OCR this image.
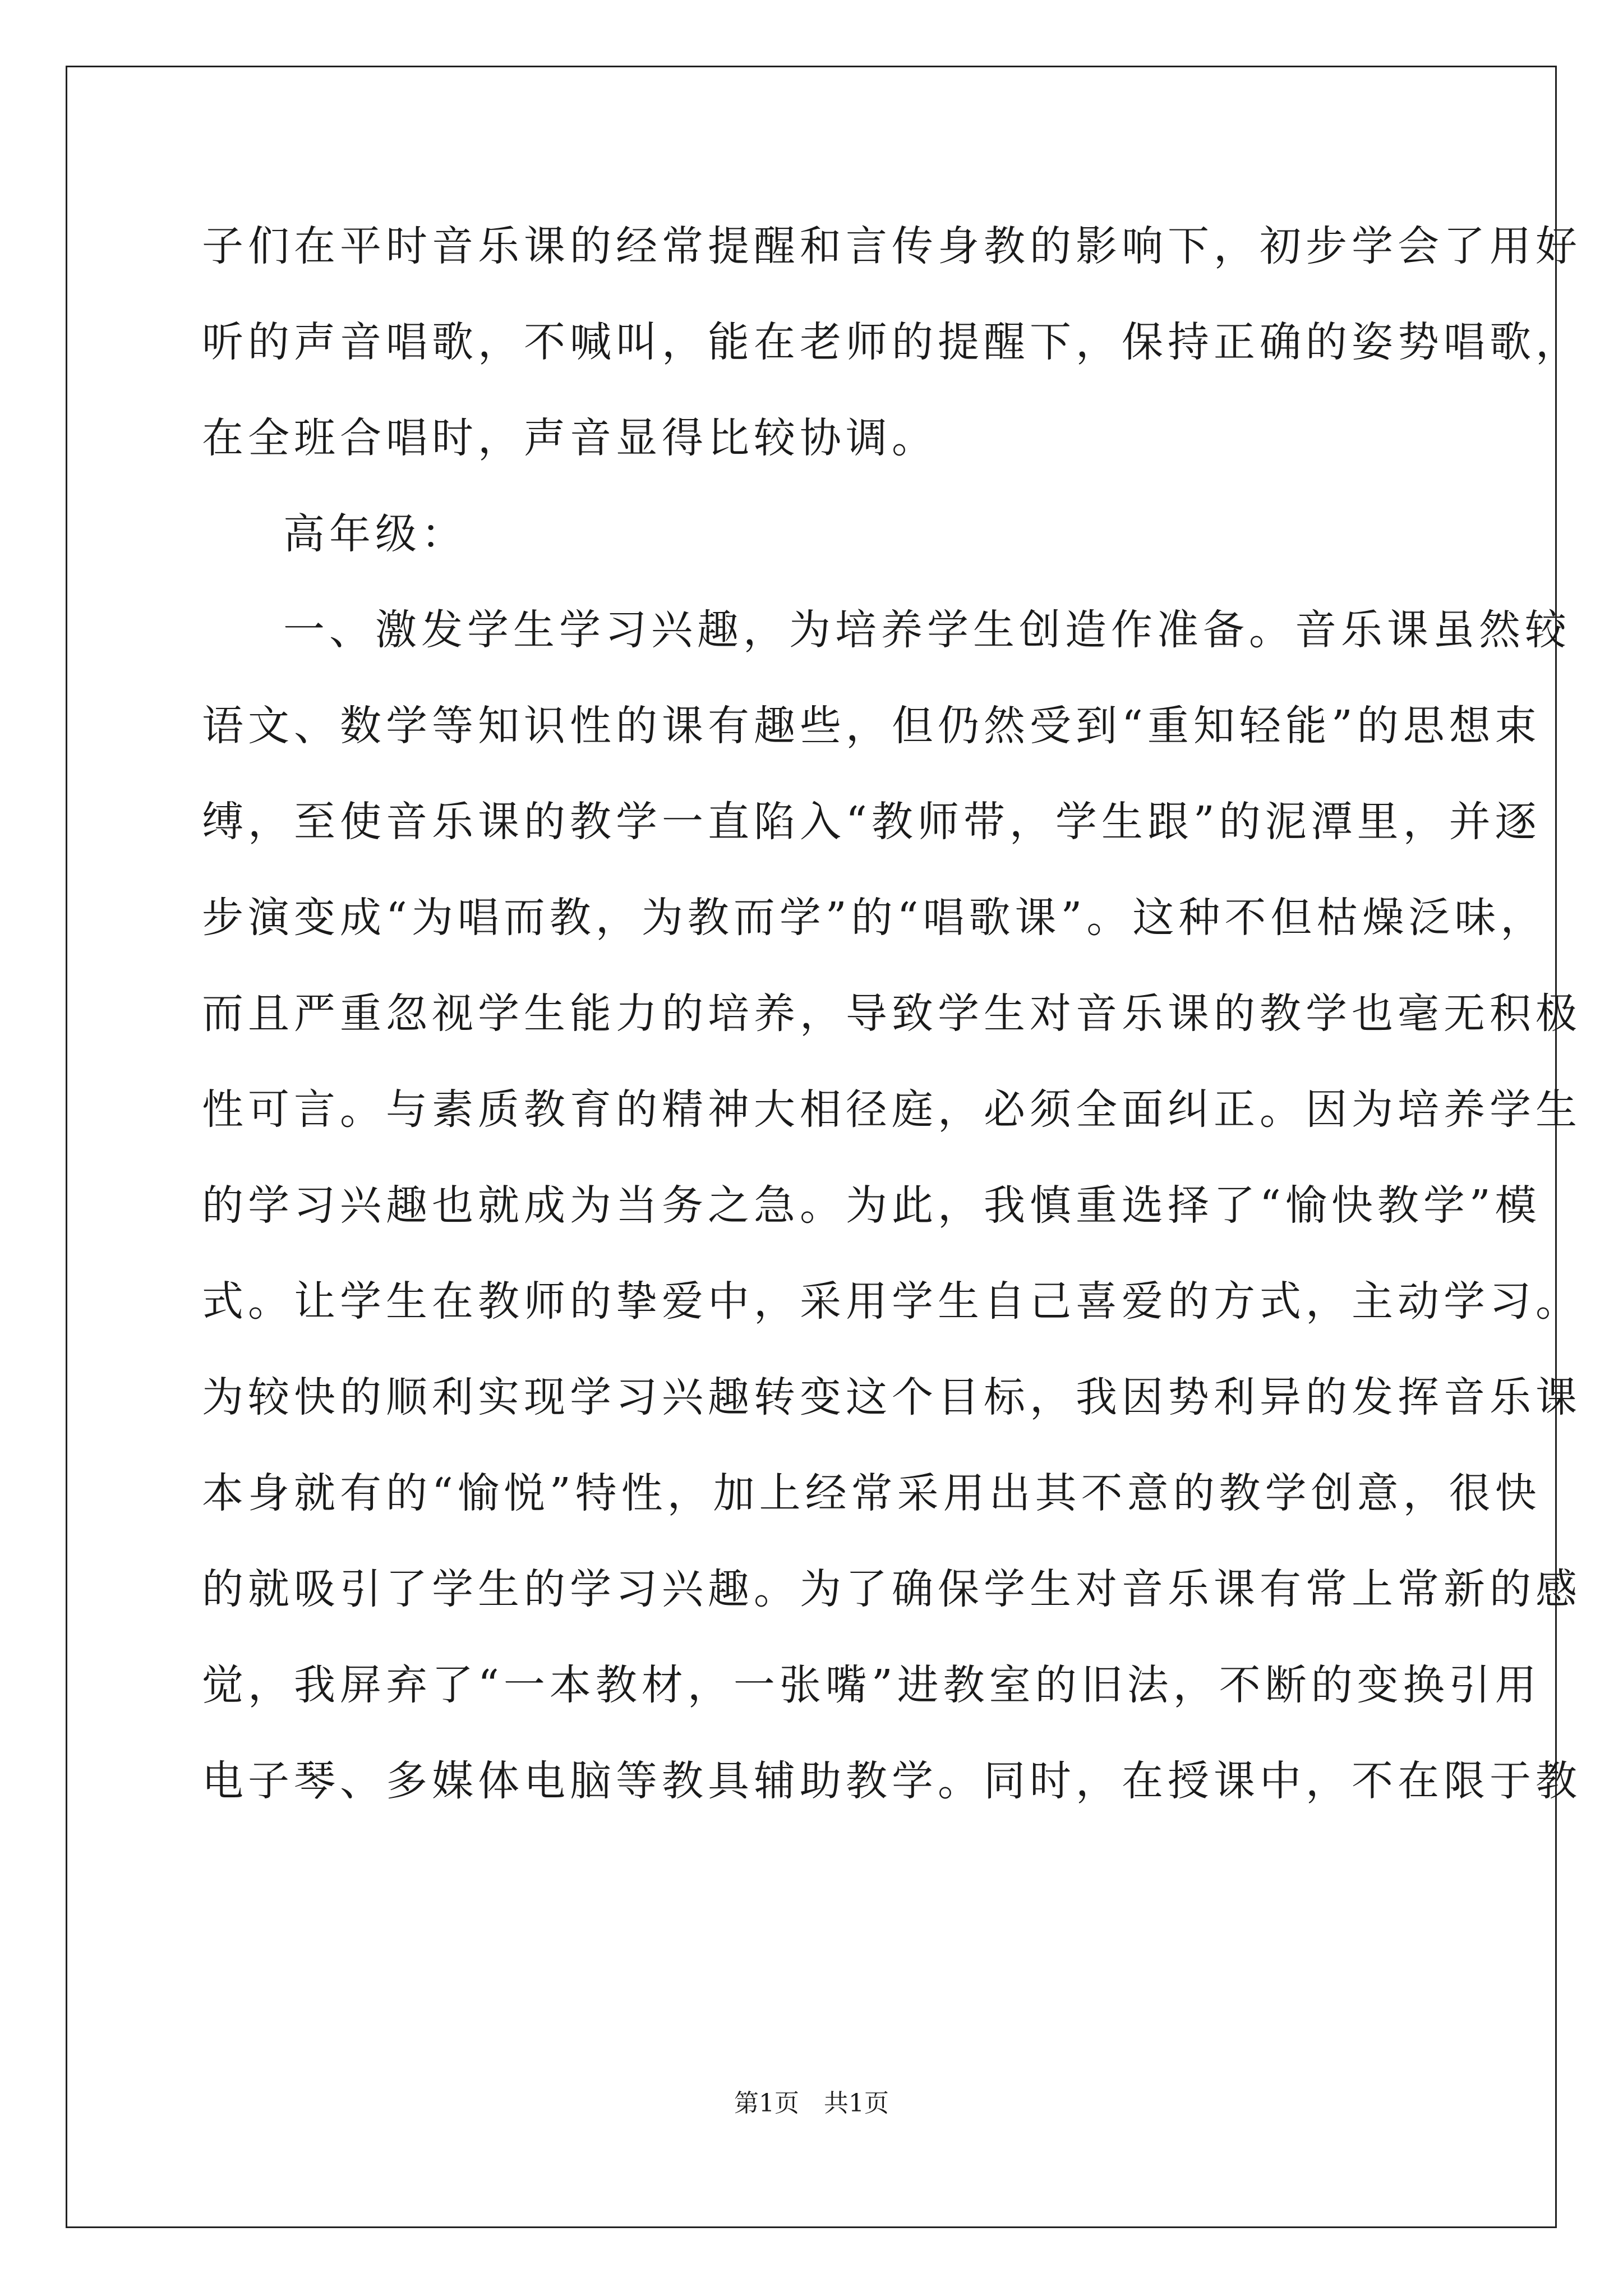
子们在平时音乐课的经常提醒和言传身教的影响下，初步学会了用好
听的声音唱歌，不喊叫，能在老师的提醒下，保持正确的姿势唱歌，
在全班合唱时，声音显得比较协调。
高年级：
一、激发学生学习兴趣，为培养学生创造作准备。音乐课虽然较
语文、数学等知识性的课有趣些，但仍然受到“重知轻能”的思想束
缚，至使音乐课的教学一直陷入“教师带，学生跟”的泥潭里，并逐
步演变成“为唱而教，为教而学”的“唱歌课”。这种不但枯燥泛味，
而且严重忽视学生能力的培养，导致学生对音乐课的教学也毫无积极
性可言。与素质教育的精神大相径庭，必须全面纠正。因为培养学生
的学习兴趣也就成为当务之急。为此，我慎重选择了“愉快教学”模
式。让学生在教师的挚爱中，采用学生自己喜爱的方式，主动学习。
为较快的顺利实现学习兴趣转变这个目标，我因势利异的发挥音乐课
本身就有的“愉悦”特性，加上经常采用出其不意的教学创意，很快
的就吸引了学生的学习兴趣。为了确保学生对音乐课有常上常新的感
觉，我屏弃了“一本教材，一张嘴”进教室的旧法，不断的变换引用
电子琴、多媒体电脑等教具辅助教学。同时，在授课中，不在限于教
第1页　共1页
